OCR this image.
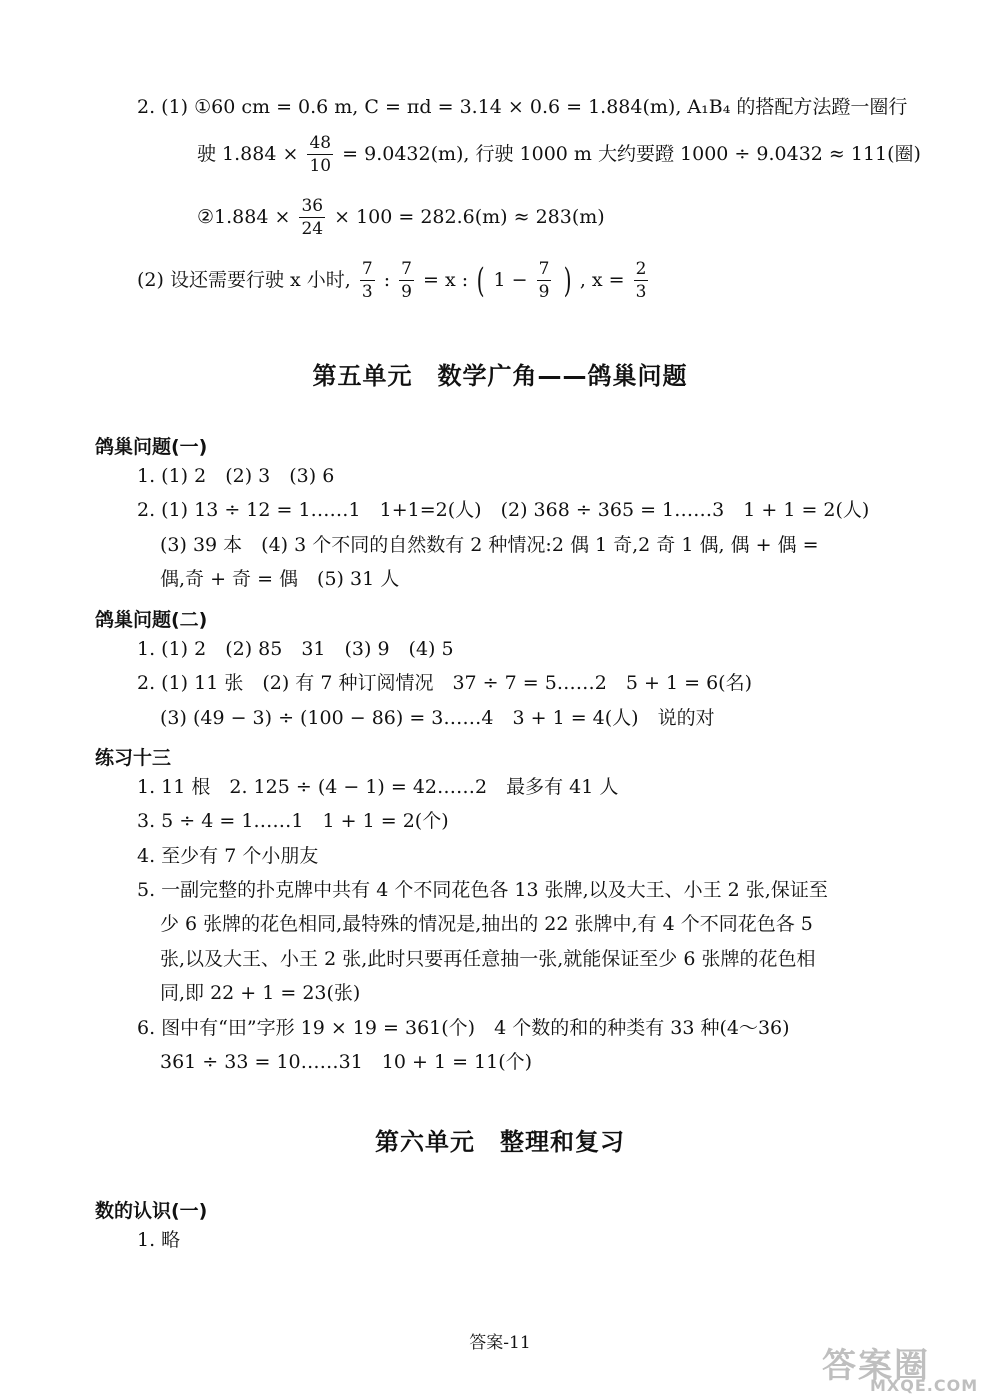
2. (1) ①60 cm = 0.6 m, C = πd = 3.14 × 0.6 = 1.884(m), A₁B₄ 的搭配方法蹬一圈行
驶 $1.884 \times \frac{48}{10} = 9.0432(m)$, 行驶 1000 m 大约要蹬 1000 ÷ 9.0432 ≈ 111(圈)
②1.884 × $\frac{36}{24} \times 100 = 282.6(m) \approx 283(m)$
(2) 设还需要行驶 x 小时, $\frac{7}{3}$ : $\frac{7}{9} = x$ : ( $1 - \frac{7}{9}$ ) , $x = \frac{2}{3}$
第五单元　数学广角——鸽巢问题
鸽巢问题(一)
1. (1) 2　(2) 3　(3) 6
2. (1) 13 ÷ 12 = 1……1　1+1=2(人)　(2) 368 ÷ 365 = 1……3　1 + 1 = 2(人)
(3) 39 本　(4) 3 个不同的自然数有 2 种情况:2 偶 1 奇,2 奇 1 偶, 偶 + 偶 =
偶,奇 + 奇 = 偶　(5) 31 人
鸽巢问题(二)
1. (1) 2　(2) 85　31　(3) 9　(4) 5
2. (1) 11 张　(2) 有 7 种订阅情况　37 ÷ 7 = 5……2　5 + 1 = 6(名)
(3) (49 − 3) ÷ (100 − 86) = 3……4　3 + 1 = 4(人)　说的对
练习十三
1. 11 根　2. 125 ÷ (4 − 1) = 42……2　最多有 41 人
3. 5 ÷ 4 = 1……1　1 + 1 = 2(个)
4. 至少有 7 个小朋友
5. 一副完整的扑克牌中共有 4 个不同花色各 13 张牌,以及大王、小王 2 张,保证至
少 6 张牌的花色相同,最特殊的情况是,抽出的 22 张牌中,有 4 个不同花色各 5
张,以及大王、小王 2 张,此时只要再任意抽一张,就能保证至少 6 张牌的花色相
同,即 22 + 1 = 23(张)
6. 图中有“田”字形 19 × 19 = 361(个)　4 个数的和的种类有 33 种(4～36)
361 ÷ 33 = 10……31　10 + 1 = 11(个)
第六单元　整理和复习
数的认识(一)
1. 略
答案-11
答案圈
MXQE.COM
